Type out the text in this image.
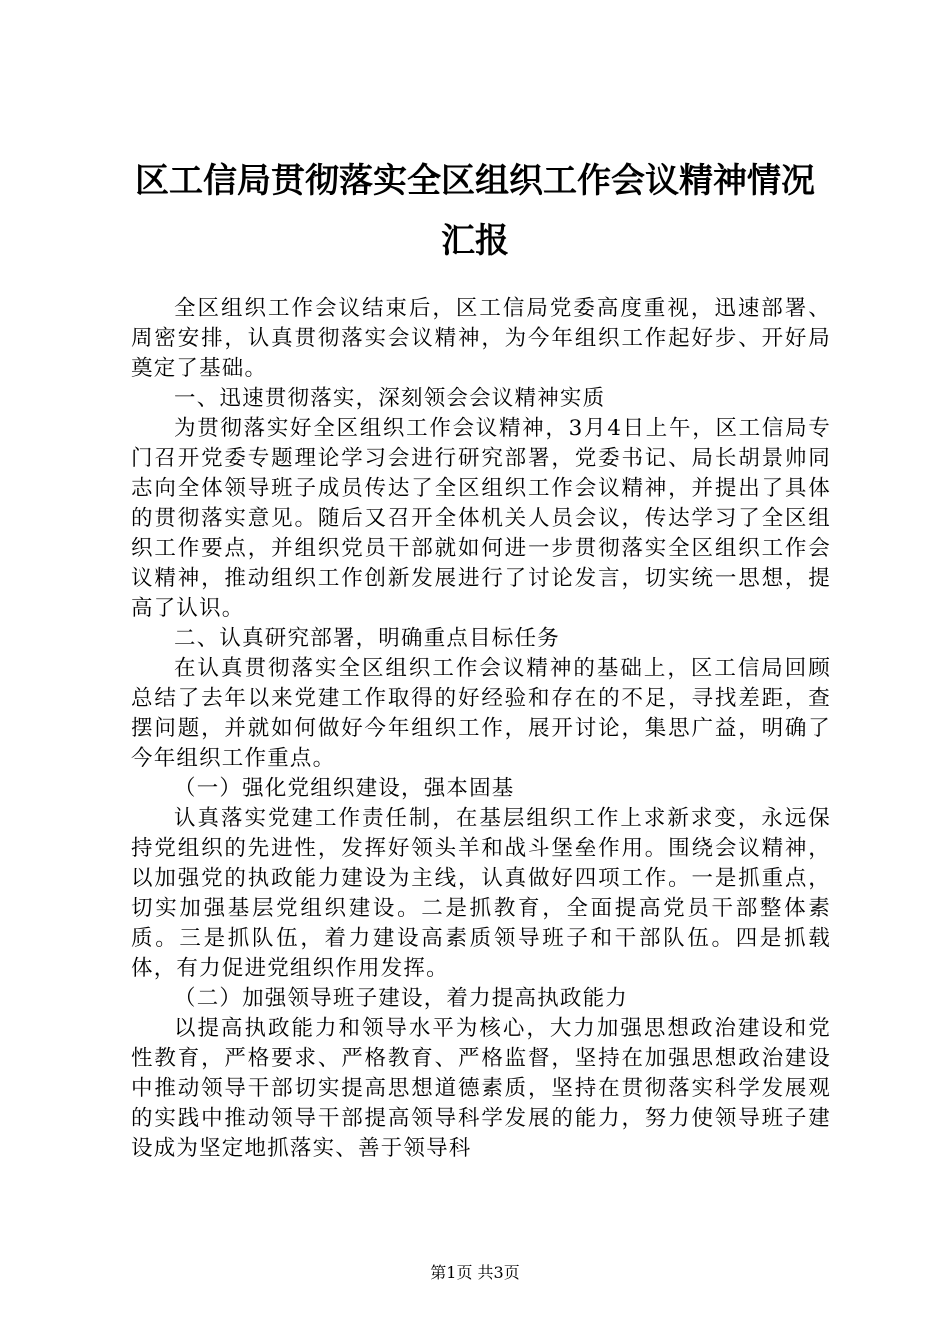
区工信局贯彻落实全区组织工作会议精神情况
汇报

全区组织工作会议结束后，区工信局党委高度重视，迅速部署、周密安排，认真贯彻落实会议精神，为今年组织工作起好步、开好局奠定了基础。

一、迅速贯彻落实，深刻领会会议精神实质

为贯彻落实好全区组织工作会议精神，3月4日上午，区工信局专门召开党委专题理论学习会进行研究部署，党委书记、局长胡景帅同志向全体领导班子成员传达了全区组织工作会议精神，并提出了具体的贯彻落实意见。随后又召开全体机关人员会议，传达学习了全区组织工作要点，并组织党员干部就如何进一步贯彻落实全区组织工作会议精神，推动组织工作创新发展进行了讨论发言，切实统一思想，提高了认识。

二、认真研究部署，明确重点目标任务

在认真贯彻落实全区组织工作会议精神的基础上，区工信局回顾总结了去年以来党建工作取得的好经验和存在的不足，寻找差距，查摆问题，并就如何做好今年组织工作，展开讨论，集思广益，明确了今年组织工作重点。

（一）强化党组织建设，强本固基

认真落实党建工作责任制，在基层组织工作上求新求变，永远保持党组织的先进性，发挥好领头羊和战斗堡垒作用。围绕会议精神，以加强党的执政能力建设为主线，认真做好四项工作。一是抓重点，切实加强基层党组织建设。二是抓教育，全面提高党员干部整体素质。三是抓队伍，着力建设高素质领导班子和干部队伍。四是抓载体，有力促进党组织作用发挥。

（二）加强领导班子建设，着力提高执政能力

以提高执政能力和领导水平为核心，大力加强思想政治建设和党性教育，严格要求、严格教育、严格监督，坚持在加强思想政治建设中推动领导干部切实提高思想道德素质，坚持在贯彻落实科学发展观的实践中推动领导干部提高领导科学发展的能力，努力使领导班子建设成为坚定地抓落实、善于领导科

第1页 共3页
